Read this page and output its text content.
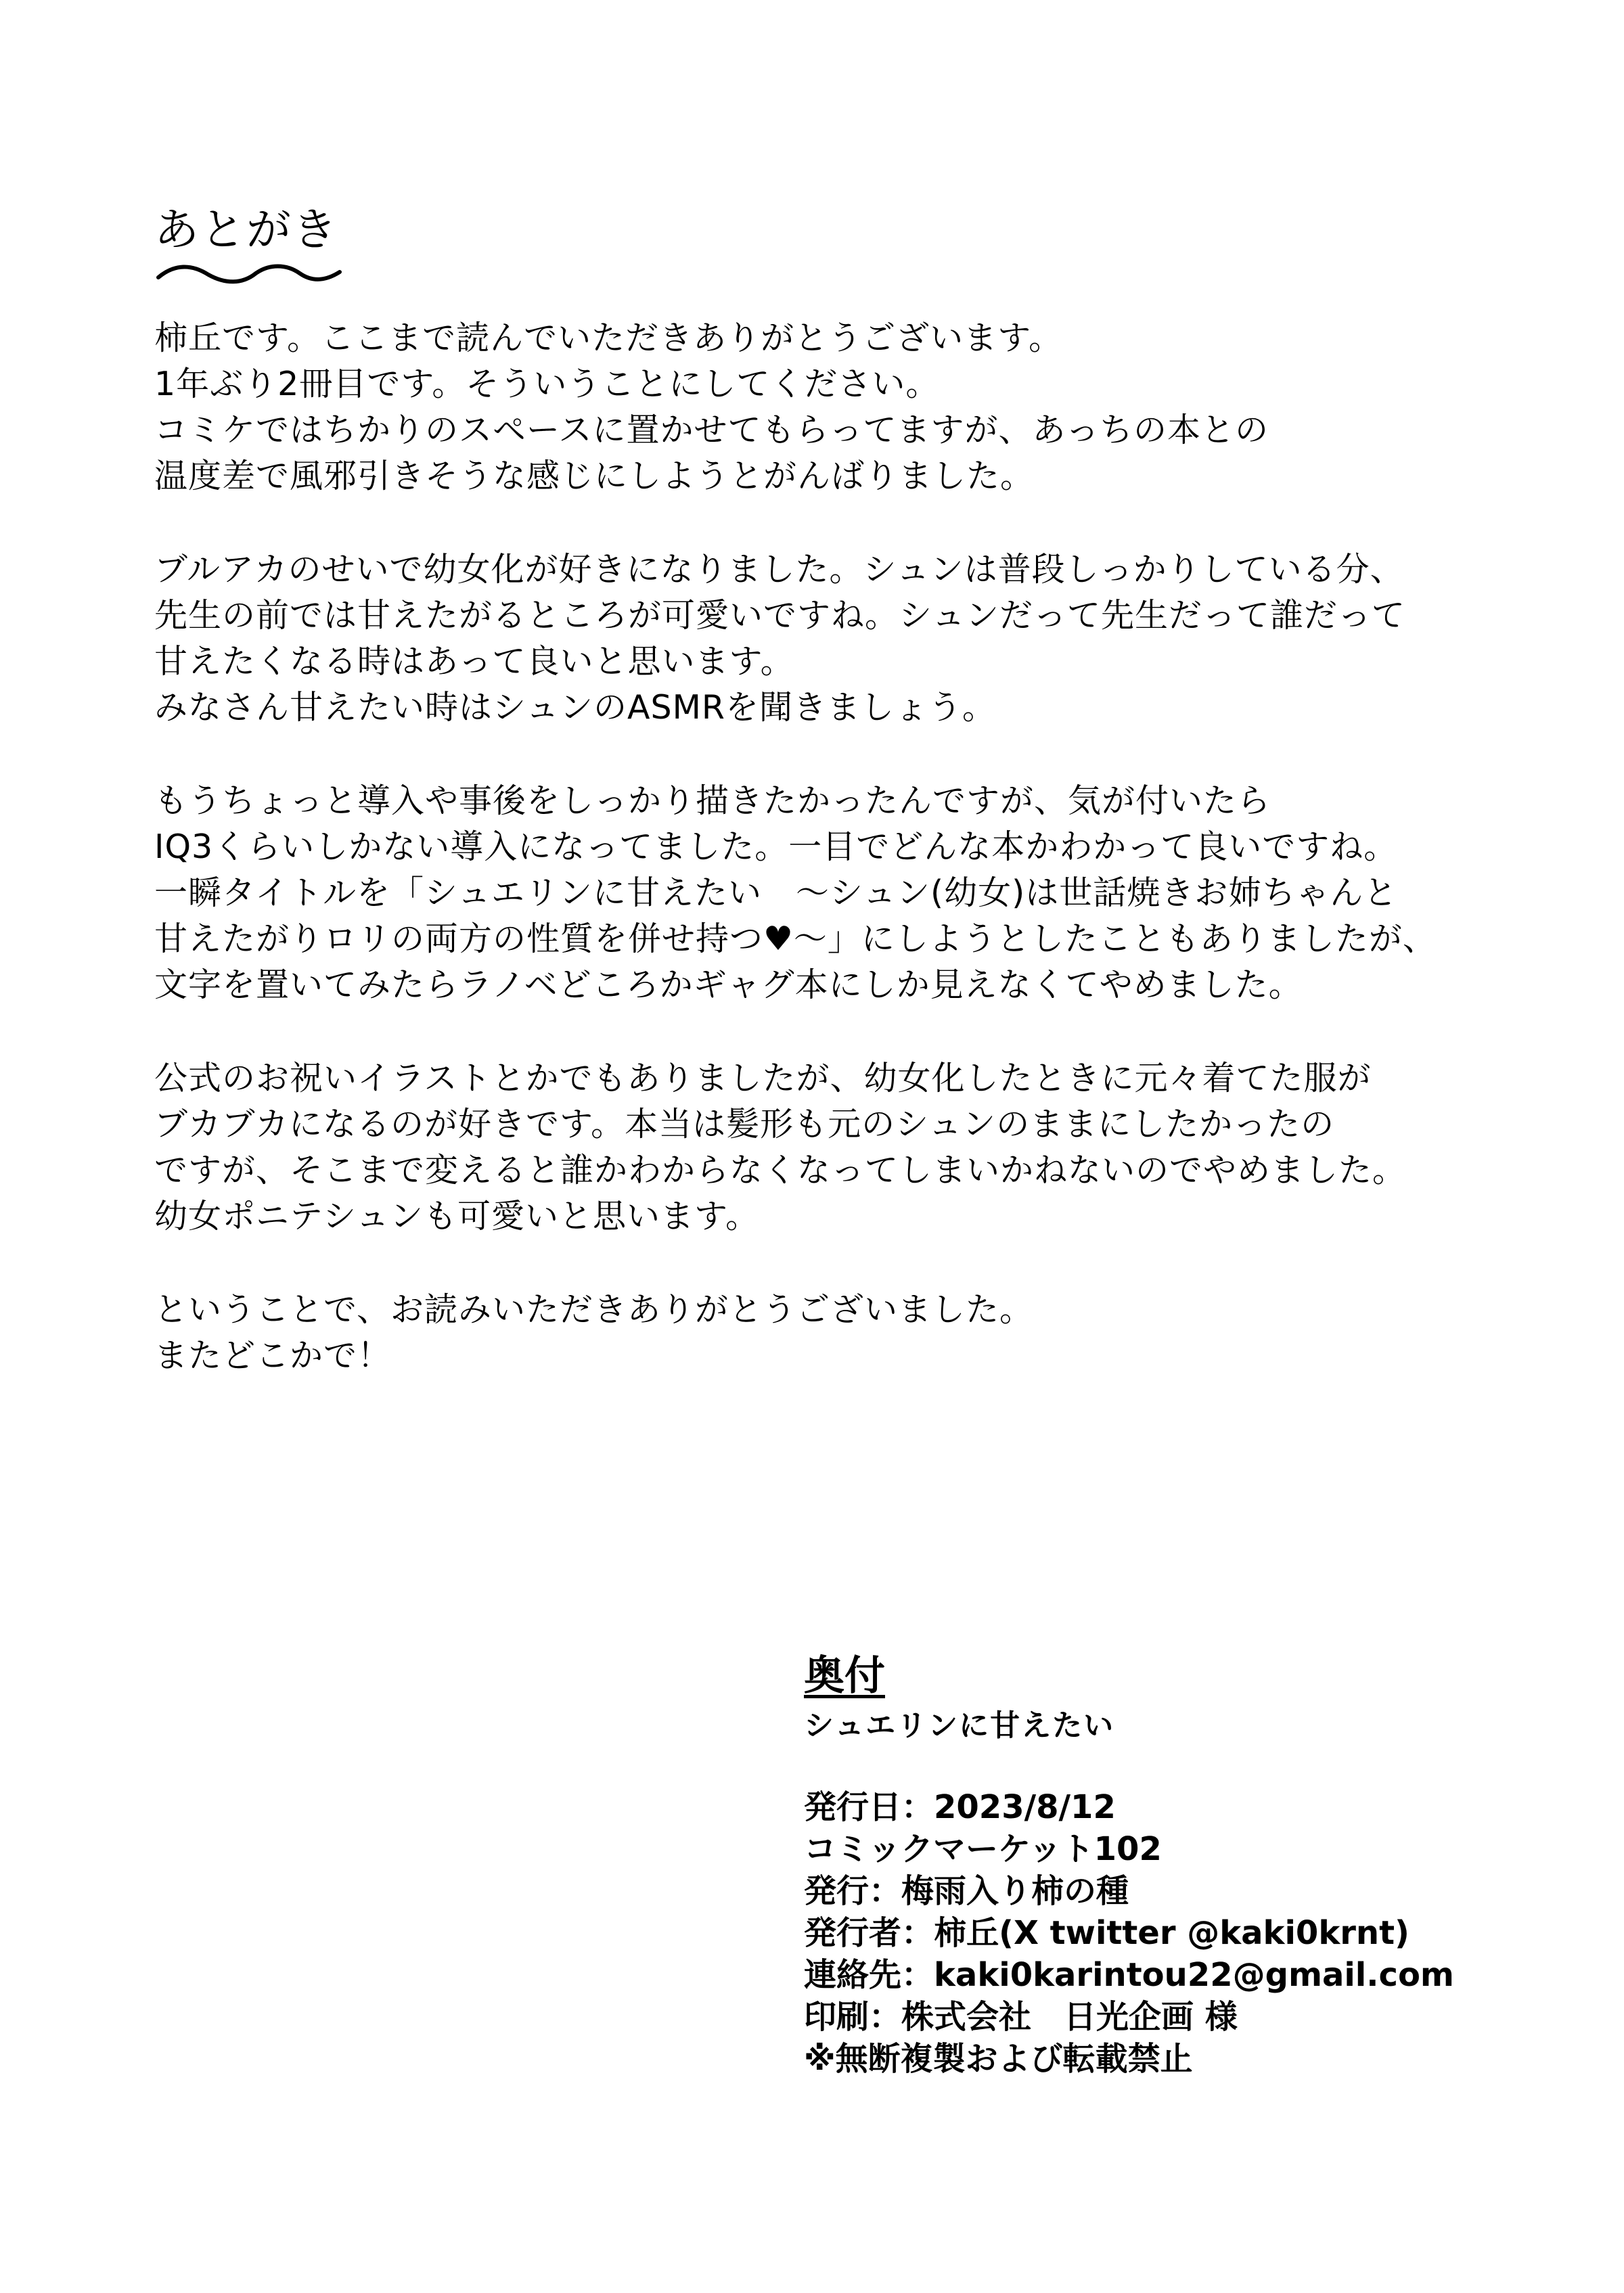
あとがき
柿丘です。ここまで読んでいただきありがとうございます。
1年ぶり2冊目です。そういうことにしてください。
コミケではちかりのスペースに置かせてもらってますが、あっちの本との
温度差で風邪引きそうな感じにしようとがんばりました。
ブルアカのせいで幼女化が好きになりました。シュンは普段しっかりしている分、
先生の前では甘えたがるところが可愛いですね。シュンだって先生だって誰だって
甘えたくなる時はあって良いと思います。
みなさん甘えたい時はシュンのASMRを聞きましょう。
もうちょっと導入や事後をしっかり描きたかったんですが、気が付いたら
IQ3くらいしかない導入になってました。一目でどんな本かわかって良いですね。
一瞬タイトルを「シュエリンに甘えたい　～シュン(幼女)は世話焼きお姉ちゃんと
甘えたがりロリの両方の性質を併せ持つ♥～」にしようとしたこともありましたが、
文字を置いてみたらラノベどころかギャグ本にしか見えなくてやめました。
公式のお祝いイラストとかでもありましたが、幼女化したときに元々着てた服が
ブカブカになるのが好きです。本当は髪形も元のシュンのままにしたかったの
ですが、そこまで変えると誰かわからなくなってしまいかねないのでやめました。
幼女ポニテシュンも可愛いと思います。
ということで、お読みいただきありがとうございました。
またどこかで！
奥付
シュエリンに甘えたい
発行日：2023/8/12
コミックマーケット102
発行：梅雨入り柿の種
発行者：柿丘(X twitter @kaki0krnt)
連絡先：kaki0karintou22@gmail.com
印刷：株式会社　日光企画 様
※無断複製および転載禁止
